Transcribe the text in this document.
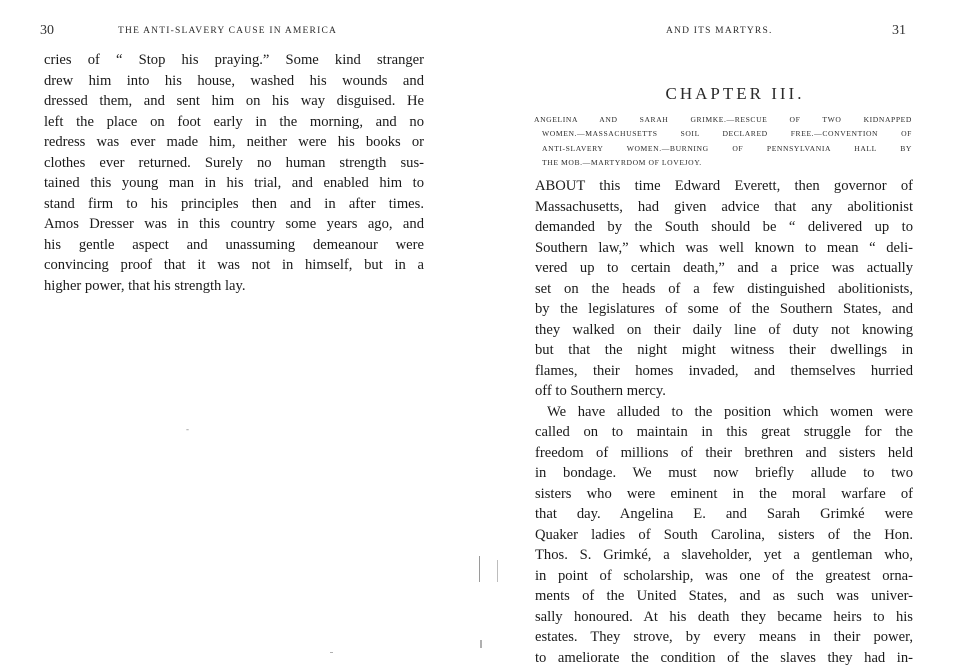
30	THE ANTI-SLAVERY CAUSE IN AMERICA
cries of “ Stop his praying.” Some kind stranger
drew him into his house, washed his wounds and
dressed them, and sent him on his way disguised. He
left the place on foot early in the morning, and no
redress was ever made him, neither were his books or
clothes ever returned. Surely no human strength sus-
tained this young man in his trial, and enabled him to
stand firm to his principles then and in after times.
Amos Dresser was in this country some years ago, and
his gentle aspect and unassuming demeanour were
convincing proof that it was not in himself, but in a
higher power, that his strength lay.
-
AND ITS MARTYRS.	31
CHAPTER III.
ANGELINA AND SARAH GRIMKE.—RESCUE OF TWO KIDNAPPED
WOMEN.—MASSACHUSETTS SOIL DECLARED FREE.—CONVENTION OF
ANTI-SLAVERY WOMEN.—BURNING OF PENNSYLVANIA HALL BY
THE MOB.—MARTYRDOM OF LOVEJOY.
ABOUT this time Edward Everett, then governor of
Massachusetts, had given advice that any abolitionist
demanded by the South should be “ delivered up to
Southern law,” which was well known to mean “ deli-
vered up to certain death,” and a price was actually
set on the heads of a few distinguished abolitionists,
by the legislatures of some of the Southern States, and
they walked on their daily line of duty not knowing
but that the night might witness their dwellings in
flames, their homes invaded, and themselves hurried
off to Southern mercy.
We have alluded to the position which women were
called on to maintain in this great struggle for the
freedom of millions of their brethren and sisters held
in bondage. We must now briefly allude to two
sisters who were eminent in the moral warfare of
that day. Angelina E. and Sarah Grimké were
Quaker ladies of South Carolina, sisters of the Hon.
Thos. S. Grimké, a slaveholder, yet a gentleman who,
in point of scholarship, was one of the greatest orna-
ments of the United States, and as such was univer-
sally honoured. At his death they became heirs to his
estates. They strove, by every means in their power,
to ameliorate the condition of the slaves they had in-
